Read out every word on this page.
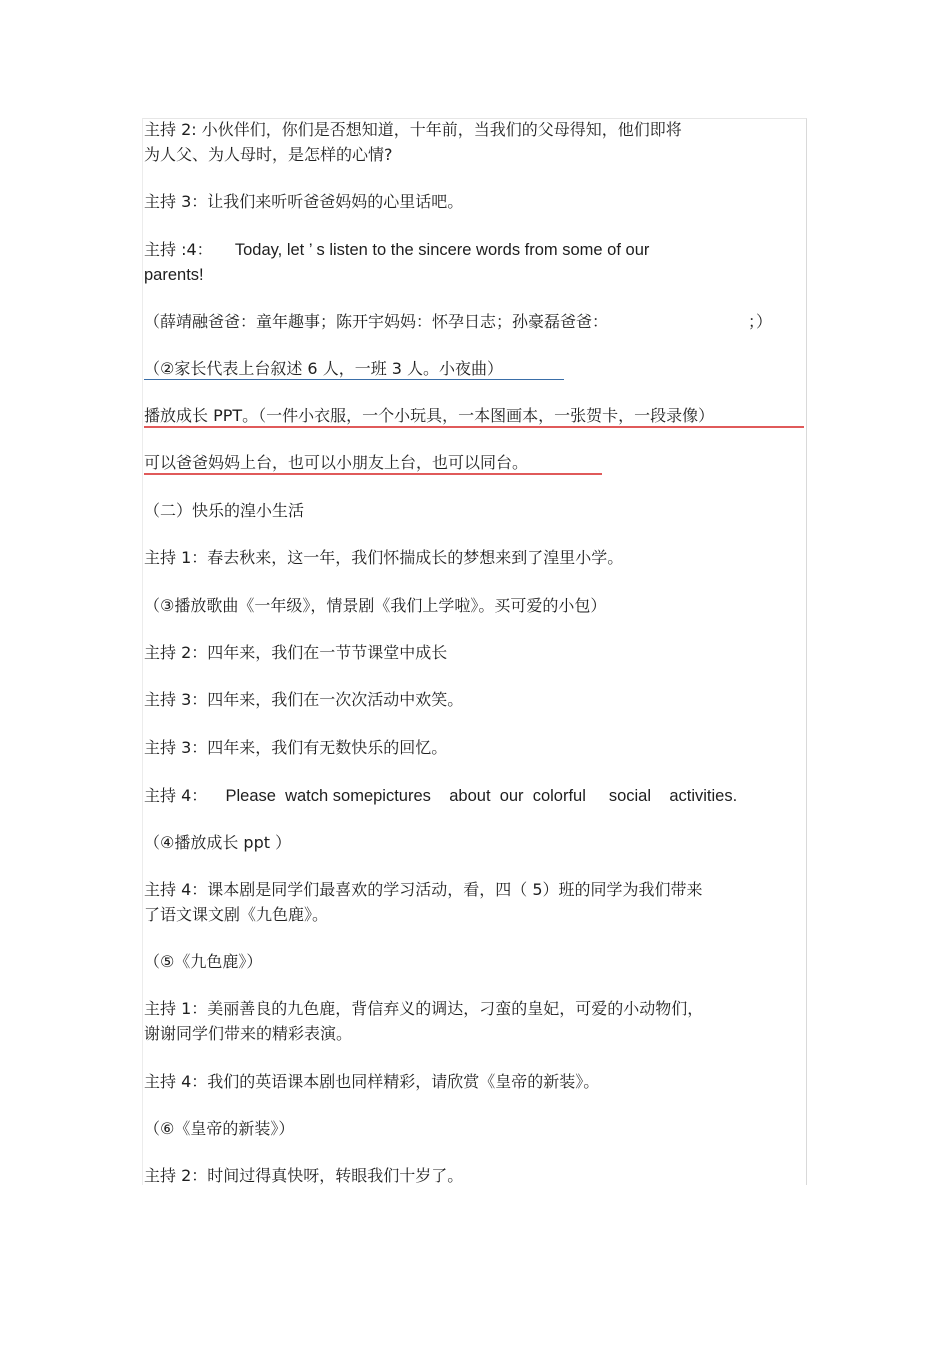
主持 2: 小伙伴们，你们是否想知道，十年前，当我们的父母得知，他们即将
为人父、为人母时，是怎样的心情?
主持 3：让我们来听听爸爸妈妈的心里话吧。
主持 :4： Today, let ’ s listen to the sincere words from some of our
parents!
（薛靖融爸爸：童年趣事；陈开宇妈妈：怀孕日志；孙豪磊爸爸：	；）
（②家长代表上台叙述 6 人，一班 3 人。小夜曲）
播放成长 PPT。（一件小衣服，一个小玩具，一本图画本，一张贺卡，一段录像）
可以爸爸妈妈上台，也可以小朋友上台，也可以同台。
（二）快乐的湟小生活
主持 1：春去秋来，这一年，我们怀揣成长的梦想来到了湟里小学。
（③播放歌曲《一年级》，情景剧《我们上学啦》。买可爱的小包）
主持 2：四年来，我们在一节节课堂中成长
主持 3：四年来，我们在一次次活动中欢笑。
主持 3：四年来，我们有无数快乐的回忆。
主持 4： Please  watch somepictures    about  our  colorful     social    activities.
（④播放成长 ppt ）
主持 4：课本剧是同学们最喜欢的学习活动，看，四（ 5）班的同学为我们带来
了语文课文剧《九色鹿》。
（⑤《九色鹿》）
主持 1：美丽善良的九色鹿，背信弃义的调达，刁蛮的皇妃，可爱的小动物们，
谢谢同学们带来的精彩表演。
主持 4：我们的英语课本剧也同样精彩，请欣赏《皇帝的新装》。
（⑥《皇帝的新装》）
主持 2：时间过得真快呀，转眼我们十岁了。
